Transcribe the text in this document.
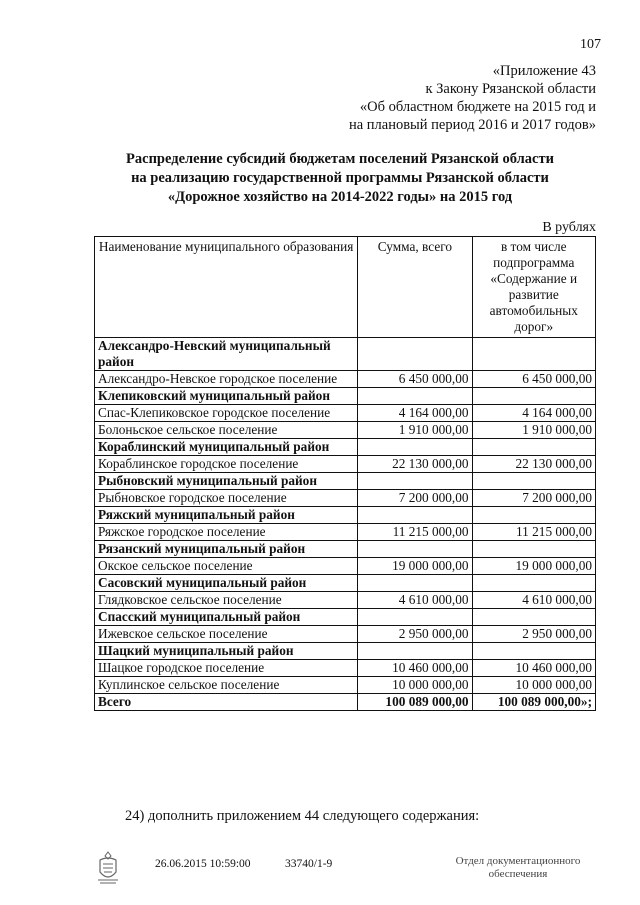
107
«Приложение 43
к Закону Рязанской области
«Об областном бюджете на 2015 год и
на плановый период 2016 и 2017 годов»
Распределение субсидий бюджетам поселений Рязанской области
на реализацию государственной программы Рязанской области
«Дорожное хозяйство на 2014-2022 годы» на 2015 год
В рублях
Наименование муниципального образования	Сумма, всего	в том числе подпрограмма «Содержание и развитие автомобильных дорог»
Александро-Невский муниципальный район		
Александро-Невское городское поселение	6 450 000,00	6 450 000,00
Клепиковский муниципальный район		
Спас-Клепиковское городское поселение	4 164 000,00	4 164 000,00
Болоньское сельское поселение	1 910 000,00	1 910 000,00
Кораблинский муниципальный район		
Кораблинское городское поселение	22 130 000,00	22 130 000,00
Рыбновский муниципальный район		
Рыбновское городское поселение	7 200 000,00	7 200 000,00
Ряжский муниципальный район		
Ряжское городское поселение	11 215 000,00	11 215 000,00
Рязанский муниципальный район		
Окское сельское поселение	19 000 000,00	19 000 000,00
Сасовский муниципальный район		
Глядковское сельское поселение	4 610 000,00	4 610 000,00
Спасский муниципальный район		
Ижевское сельское поселение	2 950 000,00	2 950 000,00
Шацкий муниципальный район		
Шацкое городское поселение	10 460 000,00	10 460 000,00
Куплинское сельское поселение	10 000 000,00	10 000 000,00
Всего	100 089 000,00	100 089 000,00»;
24) дополнить приложением 44 следующего содержания:
26.06.2015 10:59:00	33740/1-9	Отдел документационного
обеспечения
